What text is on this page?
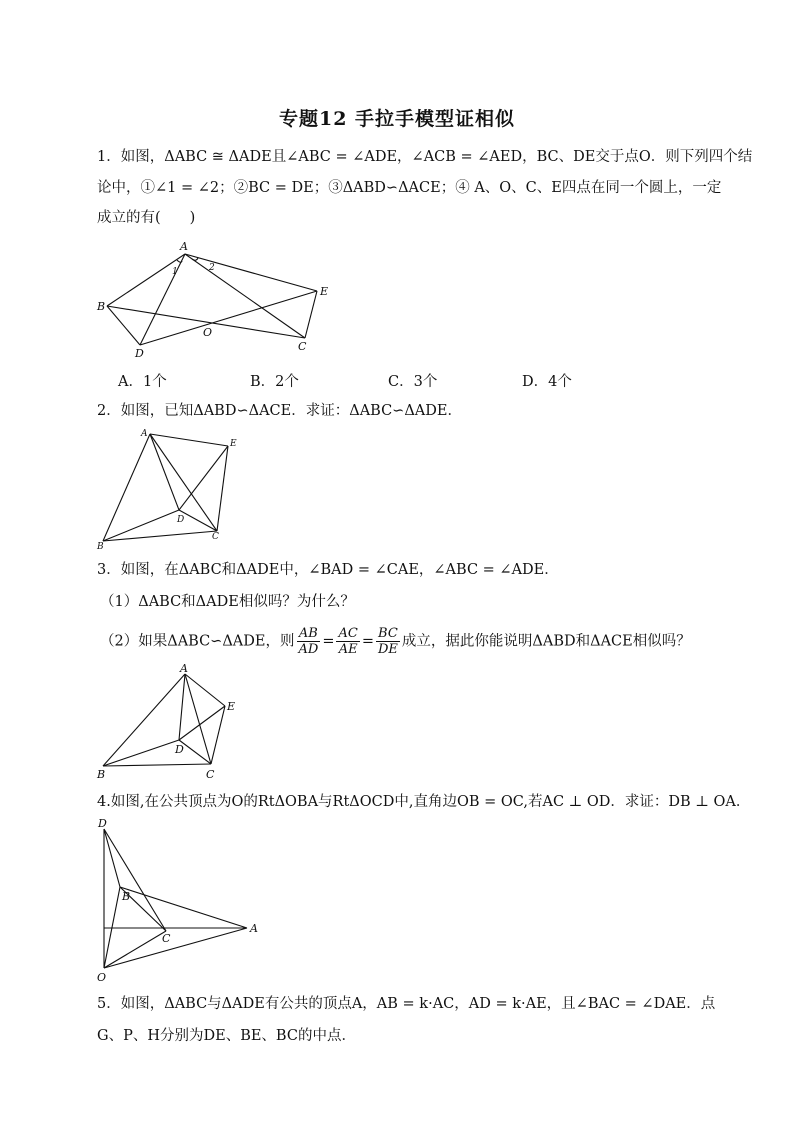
专题12 手拉手模型证相似
1．如图，ΔABC ≅ ΔADE且∠ABC = ∠ADE，∠ACB = ∠AED，BC、DE交于点O．则下列四个结
论中，①∠1 = ∠2；②BC = DE；③ΔABD∽ΔACE；④ A、O、C、E四点在同一个圆上，一定
成立的有(　　)
A
B
D
O
C
E
1	2
A．1个	B．2个	C．3个	D．4个
2．如图，已知ΔABD∽ΔACE．求证：ΔABC∽ΔADE．
A
E
B
D
C
3．如图，在ΔABC和ΔADE中，∠BAD = ∠CAE，∠ABC = ∠ADE．
（1）ΔABC和ΔADE相似吗？为什么？
（2）如果ΔABC∽ΔADE，则 $\frac{AB}{AD} = \frac{AC}{AE} = \frac{BC}{DE}$ 成立，据此你能说明ΔABD和ΔACE相似吗？
A
E
B
D
C
4.如图,在公共顶点为O的RtΔOBA与RtΔOCD中,直角边OB = OC,若AC ⊥ OD．求证：DB ⊥ OA．
D
B
C
A
O
5．如图，ΔABC与ΔADE有公共的顶点A，AB = k·AC，AD = k·AE，且∠BAC = ∠DAE．点
G、P、H分别为DE、BE、BC的中点．
